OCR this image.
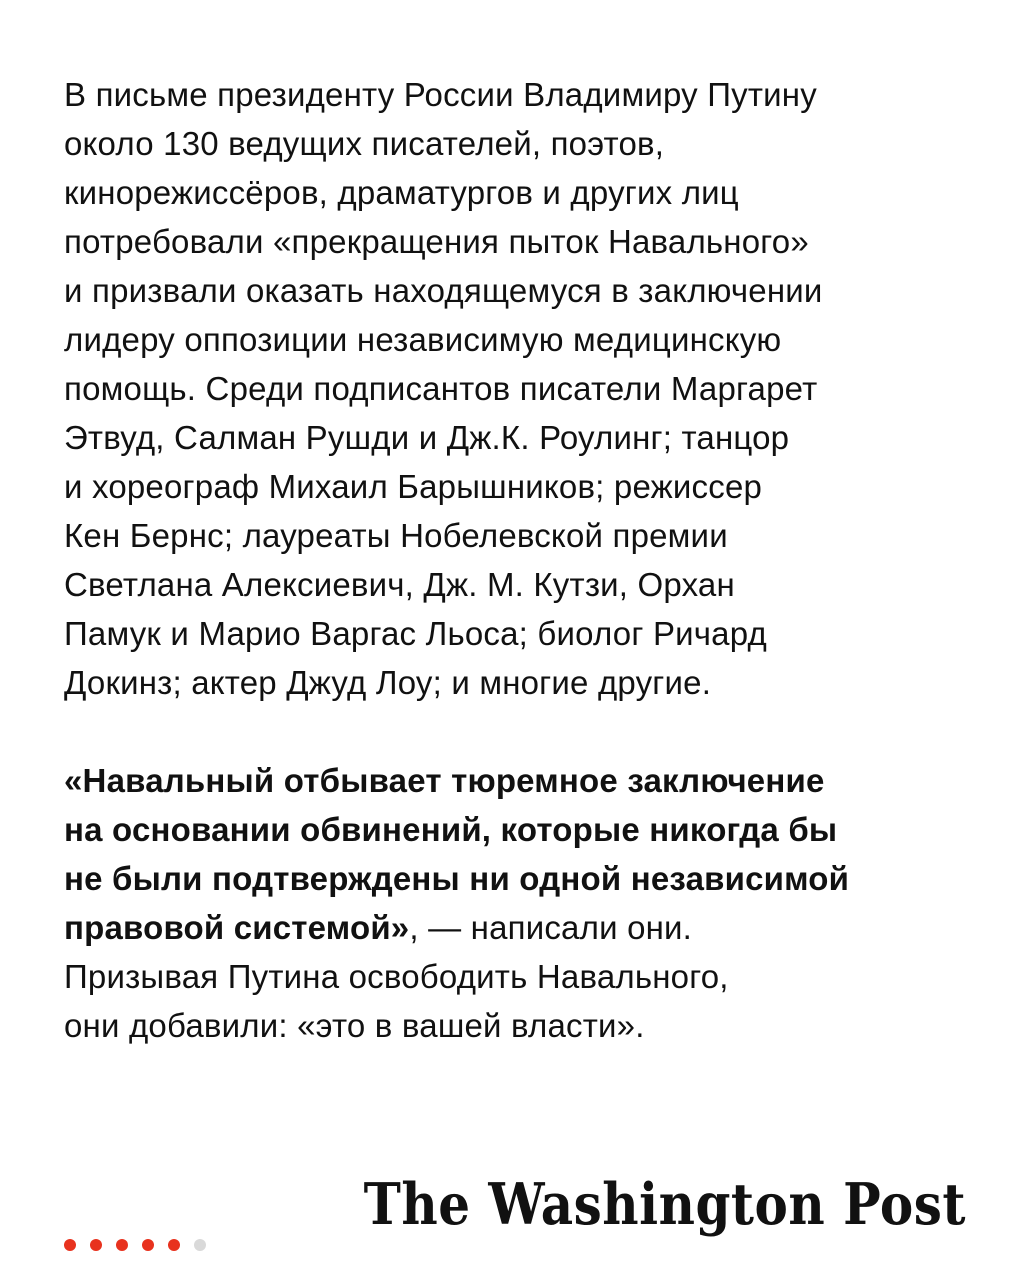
В письме президенту России Владимиру Путину
около 130 ведущих писателей, поэтов,
кинорежиссёров, драматургов и других лиц
потребовали «прекращения пыток Навального»
и призвали оказать находящемуся в заключении
лидеру оппозиции независимую медицинскую
помощь. Среди подписантов писатели Маргарет
Этвуд, Салман Рушди и Дж.К. Роулинг; танцор
и хореограф Михаил Барышников; режиссер
Кен Бернс; лауреаты Нобелевской премии
Светлана Алексиевич, Дж. М. Кутзи, Орхан
Памук и Марио Варгас Льоса; биолог Ричард
Докинз; актер Джуд Лоу; и многие другие.

«Навальный отбывает тюремное заключение
на основании обвинений, которые никогда бы
не были подтверждены ни одной независимой
правовой системой», — написали они.
Призывая Путина освободить Навального,
они добавили: «это в вашей власти».

The Washington Post
